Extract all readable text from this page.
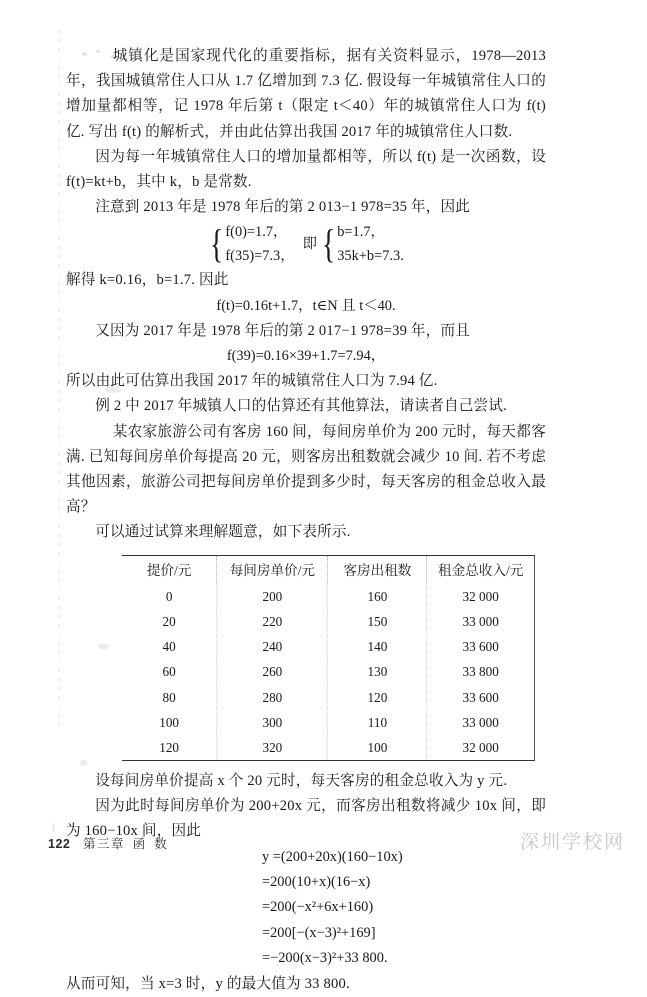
城镇化是国家现代化的重要指标，据有关资料显示，1978—2013年，我国城镇常住人口从 1.7 亿增加到 7.3 亿. 假设每一年城镇常住人口的增加量都相等，记 1978 年后第 t（限定 t＜40）年的城镇常住人口为 f(t) 亿. 写出 f(t) 的解析式，并由此估算出我国 2017 年的城镇常住人口数.

因为每一年城镇常住人口的增加量都相等，所以 f(t) 是一次函数，设 f(t)=kt+b，其中 k，b 是常数.

注意到 2013 年是 1978 年后的第 2 013−1 978=35 年，因此

{ f(0)=1.7，
f(35)=7.3，
即 { b=1.7，
35k+b=7.3.

解得 k=0.16，b=1.7. 因此

f(t)=0.16t+1.7，t∈N 且 t＜40.

又因为 2017 年是 1978 年后的第 2 017−1 978=39 年，而且

f(39)=0.16×39+1.7=7.94，

所以由此可估算出我国 2017 年的城镇常住人口为 7.94 亿.

例 2 中 2017 年城镇人口的估算还有其他算法，请读者自己尝试.

某农家旅游公司有客房 160 间，每间房单价为 200 元时，每天都客满. 已知每间房单价每提高 20 元，则客房出租数就会减少 10 间. 若不考虑其他因素，旅游公司把每间房单价提到多少时，每天客房的租金总收入最高？

可以通过试算来理解题意，如下表所示.

提价/元	每间房单价/元	客房出租数	租金总收入/元
0	200	160	32 000
20	220	150	33 000
40	240	140	33 600
60	260	130	33 800
80	280	120	33 600
100	300	110	33 000
120	320	100	32 000

设每间房单价提高 x 个 20 元时，每天客房的租金总收入为 y 元.

因为此时每间房单价为 200+20x 元，而客房出租数将减少 10x 间，即为 160−10x 间，因此

y =(200+20x)(160−10x)
=200(10+x)(16−x)
=200(−x²+6x+160)
=200[−(x−3)²+169]
=−200(x−3)²+33 800.

从而可知，当 x=3 时，y 的最大值为 33 800.

122 第三章 函 数	深圳学校网
